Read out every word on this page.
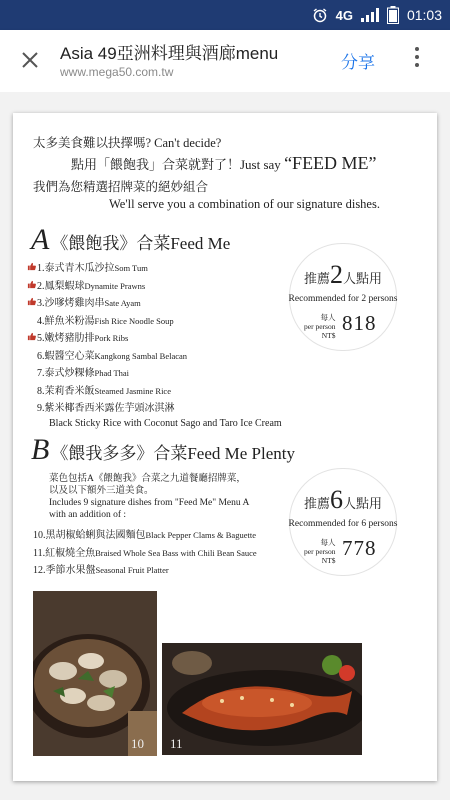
4G	01:03
Asia 49亞洲料理與酒廊menu
www.mega50.com.tw	分享
太多美食難以抉擇嗎? Can't decide?
點用「餵飽我」合菜就對了！Just say “FEED ME”
我們為您精選招牌菜的絕妙組合
We'll serve you a combination of our signature dishes.
A 《餵飽我》合菜Feed Me
1.泰式青木瓜沙拉Som Tum
2.鳳梨蝦球Dynamite Prawns
3.沙嗲烤雞肉串Sate Ayam
4.鮮魚米粉湯Fish Rice Noodle Soup
5.嫩烤豬肋排Pork Ribs
6.蝦醬空心菜Kangkong Sambal Belacan
7.泰式炒粿條Phad Thai
8.茉莉香米飯Steamed Jasmine Rice
9.紫米椰香西米露佐芋頭冰淇淋
Black Sticky Rice with Coconut Sago and Taro Ice Cream
推薦2人點用
Recommended for 2 persons
每人
per person
NT$
818
B 《餵我多多》合菜Feed Me Plenty
菜色包括A《餵飽我》合菜之九道餐廳招牌菜，
以及以下額外三道美食。
Includes 9 signature dishes from "Feed Me" Menu A
with an addition of :
10.黑胡椒蛤蜊與法國麵包Black Pepper Clams & Baguette
11.紅椒燒全魚Braised Whole Sea Bass with Chili Bean Sauce
12.季節水果盤Seasonal Fruit Platter
推薦6人點用
Recommended for 6 persons
每人
per person
NT$
778
10 11
